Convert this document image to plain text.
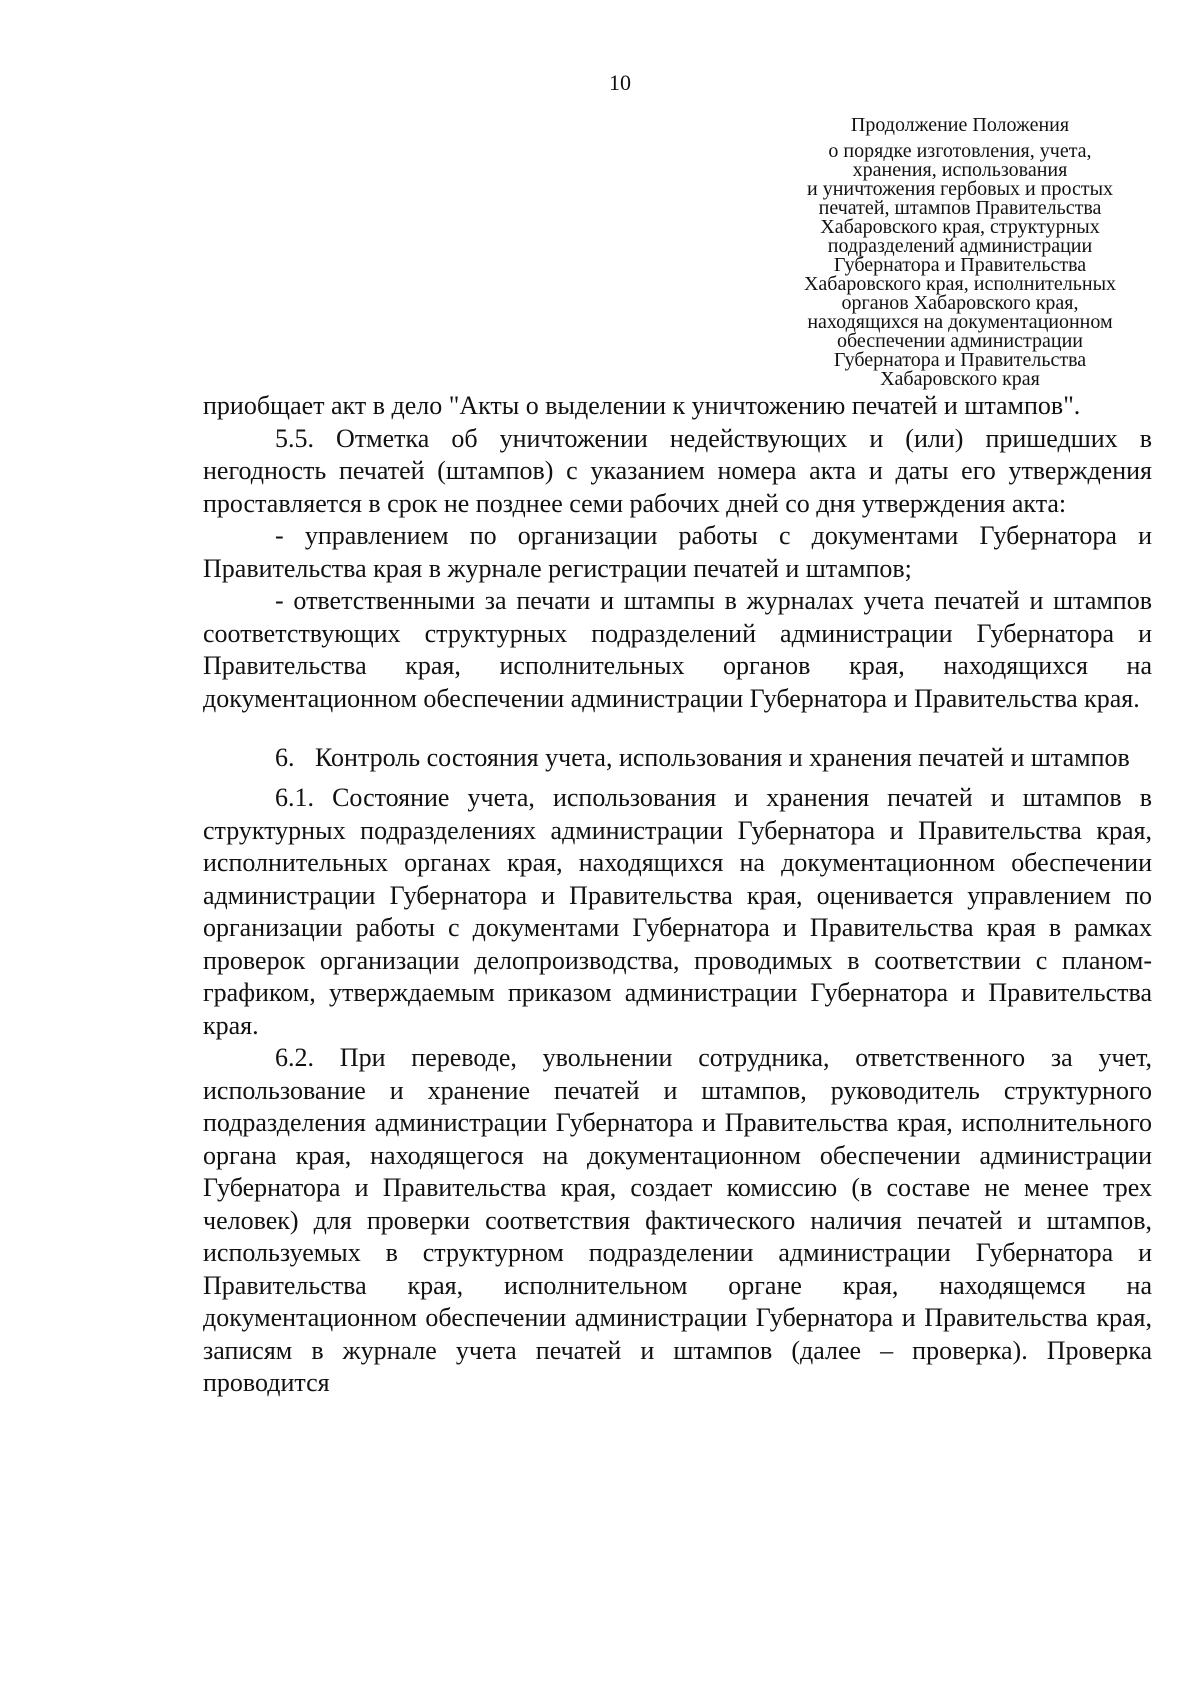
10
Продолжение Положения
о порядке изготовления, учета,
хранения, использования
и уничтожения гербовых и простых
печатей, штампов Правительства
Хабаровского края, структурных
подразделений администрации
Губернатора и Правительства
Хабаровского края, исполнительных
органов Хабаровского края,
находящихся на документационном
обеспечении администрации
Губернатора и Правительства
Хабаровского края

приобщает акт в дело "Акты о выделении к уничтожению печатей и штампов".

5.5. Отметка об уничтожении недействующих и (или) пришедших в негодность печатей (штампов) с указанием номера акта и даты его утверждения проставляется в срок не позднее семи рабочих дней со дня утверждения акта:

- управлением по организации работы с документами Губернатора и Правительства края в журнале регистрации печатей и штампов;

- ответственными за печати и штампы в журналах учета печатей и штампов соответствующих структурных подразделений администрации Губернатора и Правительства края, исполнительных органов края, находящихся на документационном обеспечении администрации Губернатора и Правительства края.

6. Контроль состояния учета, использования и хранения печатей и штампов

6.1. Состояние учета, использования и хранения печатей и штампов в структурных подразделениях администрации Губернатора и Правительства края, исполнительных органах края, находящихся на документационном обеспечении администрации Губернатора и Правительства края, оценивается управлением по организации работы с документами Губернатора и Правительства края в рамках проверок организации делопроизводства, проводимых в соответствии с планом-графиком, утверждаемым приказом администрации Губернатора и Правительства края.

6.2. При переводе, увольнении сотрудника, ответственного за учет, использование и хранение печатей и штампов, руководитель структурного подразделения администрации Губернатора и Правительства края, исполнительного органа края, находящегося на документационном обеспечении администрации Губернатора и Правительства края, создает комиссию (в составе не менее трех человек) для проверки соответствия фактического наличия печатей и штампов, используемых в структурном подразделении администрации Губернатора и Правительства края, исполнительном органе края, находящемся на документационном обеспечении администрации Губернатора и Правительства края, записям в журнале учета печатей и штампов (далее – проверка). Проверка проводится
